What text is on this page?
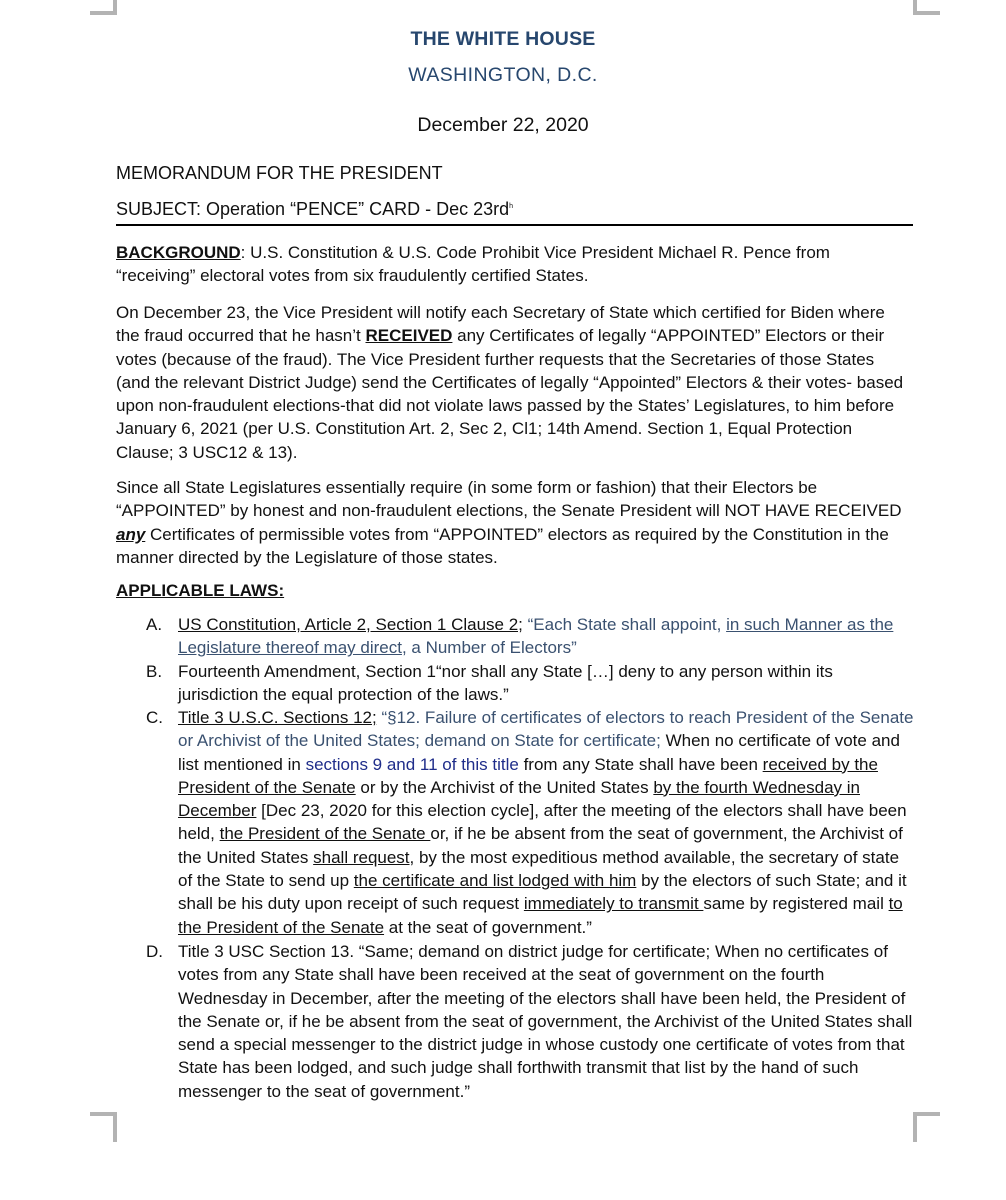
THE WHITE HOUSE
WASHINGTON, D.C.
December 22, 2020

MEMORANDUM FOR THE PRESIDENT

SUBJECT: Operation “PENCE” CARD - Dec $23rd^h$

BACKGROUND: U.S. Constitution & U.S. Code Prohibit Vice President Michael R. Pence from “receiving” electoral votes from six fraudulently certified States.

On December 23, the Vice President will notify each Secretary of State which certified for Biden where the fraud occurred that he hasn’t RECEIVED any Certificates of legally “APPOINTED” Electors or their votes (because of the fraud). The Vice President further requests that the Secretaries of those States (and the relevant District Judge) send the Certificates of legally “Appointed” Electors & their votes- based upon non-fraudulent elections-that did not violate laws passed by the States’ Legislatures, to him before January 6, 2021 (per U.S. Constitution Art. 2, Sec 2, Cl1; 14th Amend. Section 1, Equal Protection Clause; 3 USC12 & 13).

Since all State Legislatures essentially require (in some form or fashion) that their Electors be “APPOINTED” by honest and non-fraudulent elections, the Senate President will NOT HAVE RECEIVED any Certificates of permissible votes from “APPOINTED” electors as required by the Constitution in the manner directed by the Legislature of those states.

APPLICABLE LAWS:

A. US Constitution, Article 2, Section 1 Clause 2; “Each State shall appoint, in such Manner as the Legislature thereof may direct, a Number of Electors”
B. Fourteenth Amendment, Section 1“nor shall any State […] deny to any person within its jurisdiction the equal protection of the laws.”
C. Title 3 U.S.C. Sections 12; “§12. Failure of certificates of electors to reach President of the Senate or Archivist of the United States; demand on State for certificate; When no certificate of vote and list mentioned in sections 9 and 11 of this title from any State shall have been received by the President of the Senate or by the Archivist of the United States by the fourth Wednesday in December [Dec 23, 2020 for this election cycle], after the meeting of the electors shall have been held, the President of the Senate or, if he be absent from the seat of government, the Archivist of the United States shall request, by the most expeditious method available, the secretary of state of the State to send up the certificate and list lodged with him by the electors of such State; and it shall be his duty upon receipt of such request immediately to transmit same by registered mail to the President of the Senate at the seat of government.”
D. Title 3 USC Section 13. “Same; demand on district judge for certificate; When no certificates of votes from any State shall have been received at the seat of government on the fourth Wednesday in December, after the meeting of the electors shall have been held, the President of the Senate or, if he be absent from the seat of government, the Archivist of the United States shall send a special messenger to the district judge in whose custody one certificate of votes from that State has been lodged, and such judge shall forthwith transmit that list by the hand of such messenger to the seat of government.”
